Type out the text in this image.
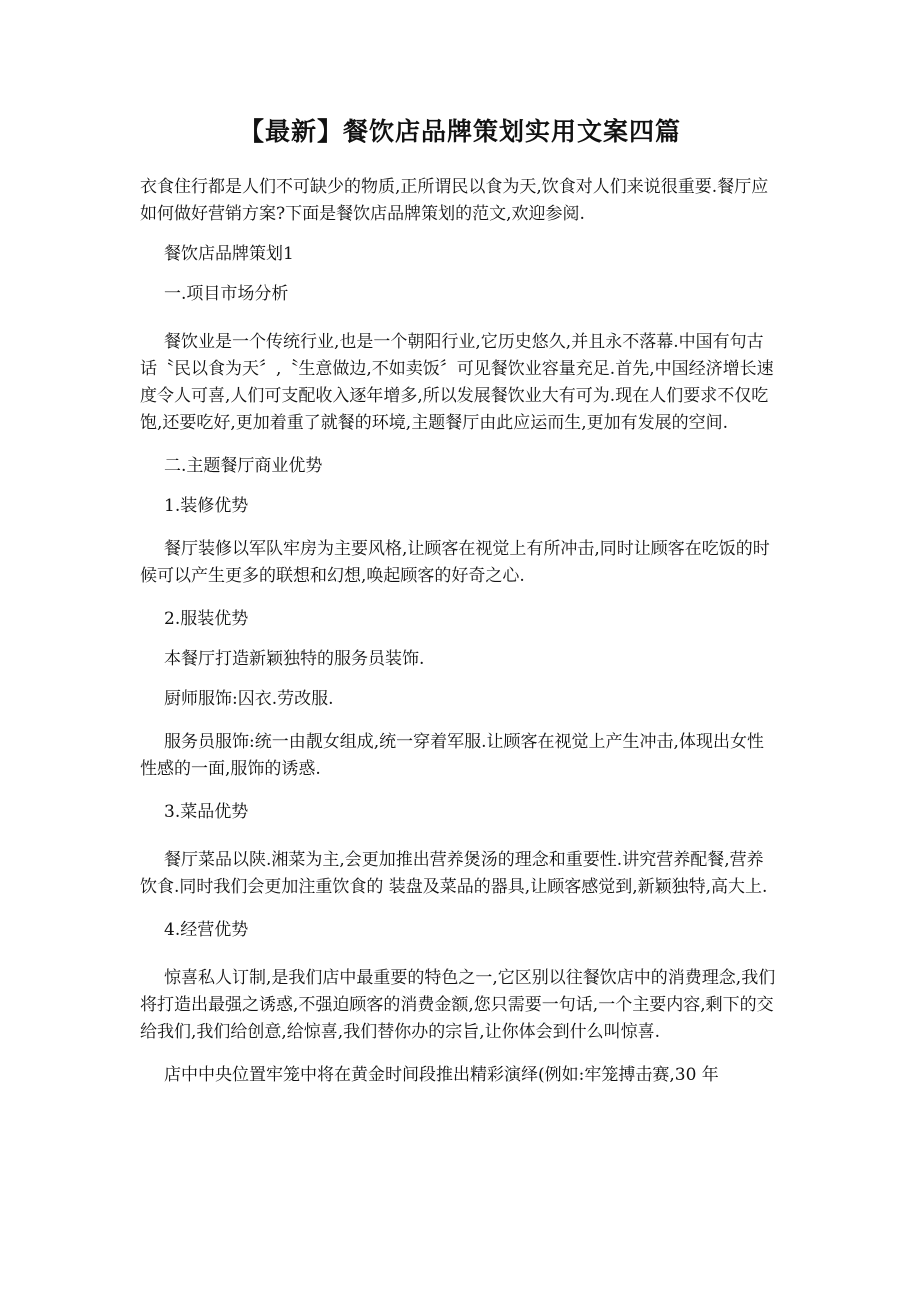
【最新】餐饮店品牌策划实用文案四篇

衣食住行都是人们不可缺少的物质,正所谓民以食为天,饮食对人们来说很重要.餐厅应如何做好营销方案?下面是餐饮店品牌策划的范文,欢迎参阅.

餐饮店品牌策划1

一.项目市场分析

餐饮业是一个传统行业,也是一个朝阳行业,它历史悠久,并且永不落幕.中国有句古话〝民以食为天〞,〝生意做边,不如卖饭〞可见餐饮业容量充足.首先,中国经济增长速度令人可喜,人们可支配收入逐年增多,所以发展餐饮业大有可为.现在人们要求不仅吃饱,还要吃好,更加着重了就餐的环境,主题餐厅由此应运而生,更加有发展的空间.

二.主题餐厅商业优势

1.装修优势

餐厅装修以军队牢房为主要风格,让顾客在视觉上有所冲击,同时让顾客在吃饭的时候可以产生更多的联想和幻想,唤起顾客的好奇之心.

2.服装优势

本餐厅打造新颖独特的服务员装饰.

厨师服饰:囚衣.劳改服.

服务员服饰:统一由靓女组成,统一穿着军服.让顾客在视觉上产生冲击,体现出女性性感的一面,服饰的诱惑.

3.菜品优势

餐厅菜品以陕.湘菜为主,会更加推出营养煲汤的理念和重要性.讲究营养配餐,营养饮食.同时我们会更加注重饮食的 装盘及菜品的器具,让顾客感觉到,新颖独特,高大上.

4.经营优势

惊喜私人订制,是我们店中最重要的特色之一,它区别以往餐饮店中的消费理念,我们将打造出最强之诱惑,不强迫顾客的消费金额,您只需要一句话,一个主要内容,剩下的交给我们,我们给创意,给惊喜,我们替你办的宗旨,让你体会到什么叫惊喜.

店中中央位置牢笼中将在黄金时间段推出精彩演绎(例如:牢笼搏击赛,30 年
